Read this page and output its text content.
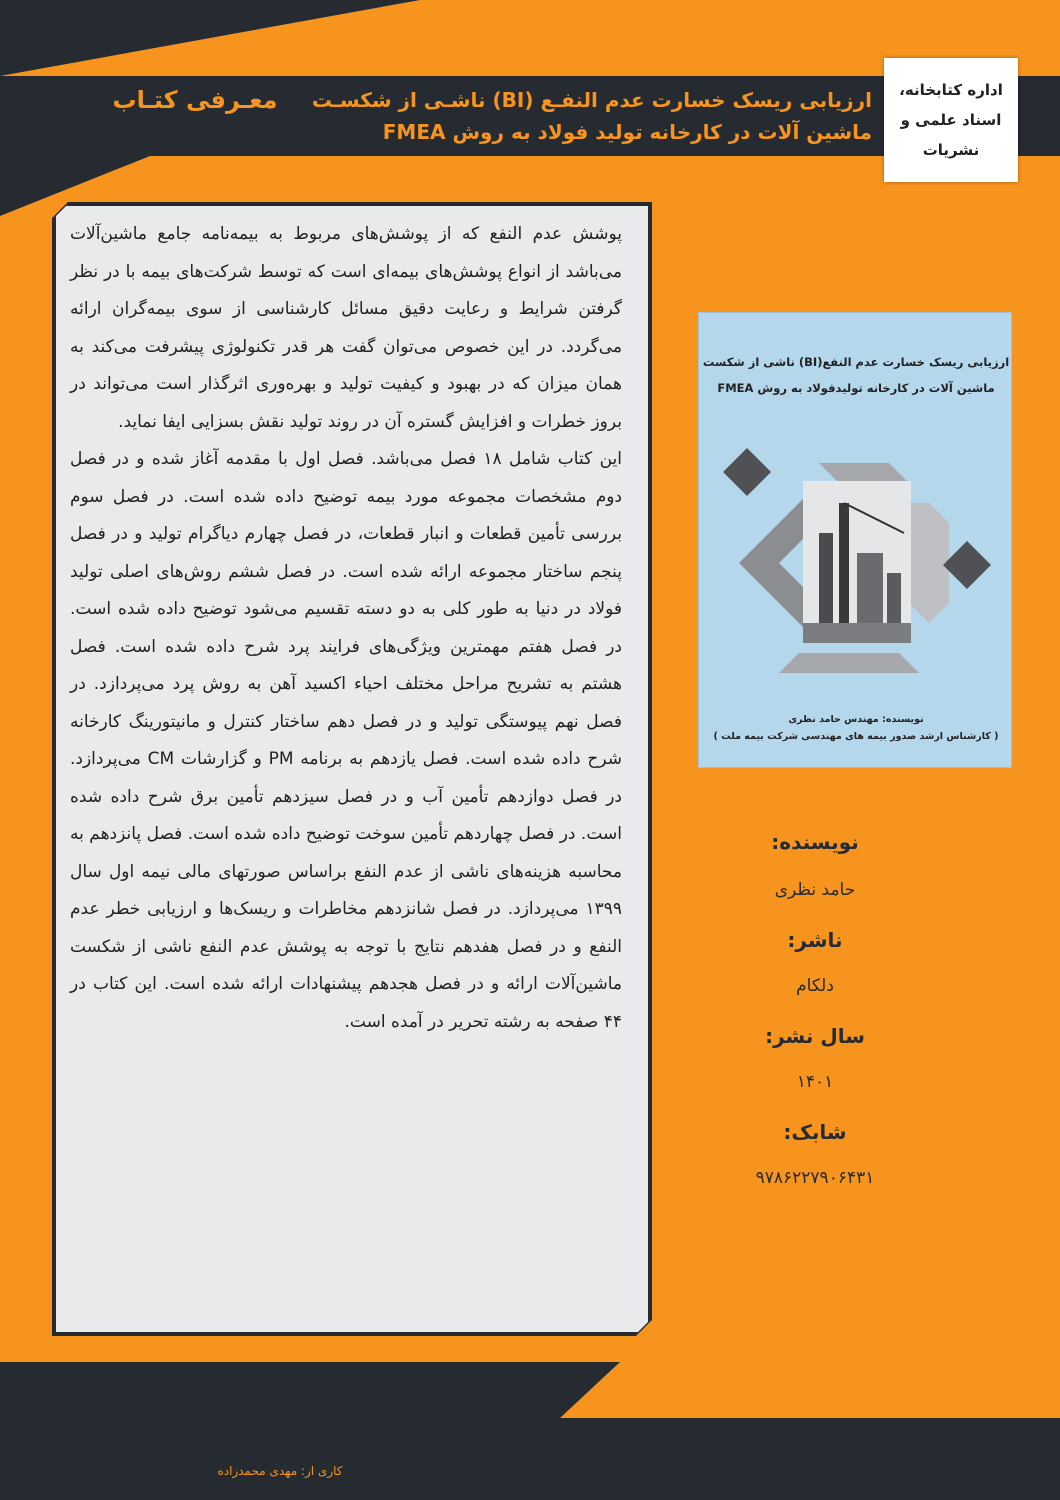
معـرفی کتـاب ارزیابی ریسک خسارت عدم النفـع (BI) ناشـی از شکسـت
ماشین آلات در کارخانه تولید فولاد به روش FMEA
اداره کتابخانه،
اسناد علمی و
نشریات

پوشش عدم النفع که از پوشش‌های مربوط به بیمه‌نامه جامع ماشین‌آلات می‌باشد از انواع پوشش‌های بیمه‌ای است که توسط شرکت‌های بیمه با در نظر گرفتن شرایط و رعایت دقیق مسائل کارشناسی از سوی بیمه‌گران ارائه می‌گردد. در این خصوص می‌توان گفت هر قدر تکنولوژی پیشرفت می‌کند به همان میزان که در بهبود و کیفیت تولید و بهره‌وری اثرگذار است می‌تواند در بروز خطرات و افزایش گستره آن در روند تولید نقش بسزایی ایفا نماید.

این کتاب شامل ۱۸ فصل می‌باشد. فصل اول با مقدمه آغاز شده و در فصل دوم مشخصات مجموعه مورد بیمه توضیح داده شده است. در فصل سوم بررسی تأمین قطعات و انبار قطعات، در فصل چهارم دیاگرام تولید و در فصل پنجم ساختار مجموعه ارائه شده است. در فصل ششم روش‌های اصلی تولید فولاد در دنیا به طور کلی به دو دسته تقسیم می‌شود توضیح داده شده است. در فصل هفتم مهمترین ویژگی‌های فرایند پرد شرح داده شده است. فصل هشتم به تشریح مراحل مختلف احیاء اکسید آهن به روش پرد می‌پردازد. در فصل نهم پیوستگی تولید و در فصل دهم ساختار کنترل و مانیتورینگ کارخانه شرح داده شده است. فصل یازدهم به برنامه PM و گزارشات CM می‌پردازد. در فصل دوازدهم تأمین آب و در فصل سیزدهم تأمین برق شرح داده شده است. در فصل چهاردهم تأمین سوخت توضیح داده شده است. فصل پانزدهم به محاسبه هزینه‌های ناشی از عدم النفع براساس صورتهای مالی نیمه اول سال ۱۳۹۹ می‌پردازد. در فصل شانزدهم مخاطرات و ریسک‌ها و ارزیابی خطر عدم النفع و در فصل هفدهم نتایج با توجه به پوشش عدم النفع ناشی از شکست ماشین‌آلات ارائه و در فصل هجدهم پیشنهادات ارائه شده است. این کتاب در ۴۴ صفحه به رشته تحریر در آمده است.

ارزیابی ریسک خسارت عدم النفع(BI) ناشی از شکست
ماشین آلات در کارخانه تولیدفولاد به روش FMEA
نویسنده: مهندس حامد نظری
( کارشناس ارشد صدور بیمه های مهندسی شرکت بیمه ملت )
نویسنده:
حامد نظری
ناشر:
دلکام
سال نشر:
۱۴۰۱
شابک:
۹۷۸۶۲۲۷۹۰۶۴۳۱
کاری از: مهدی محمدزاده
